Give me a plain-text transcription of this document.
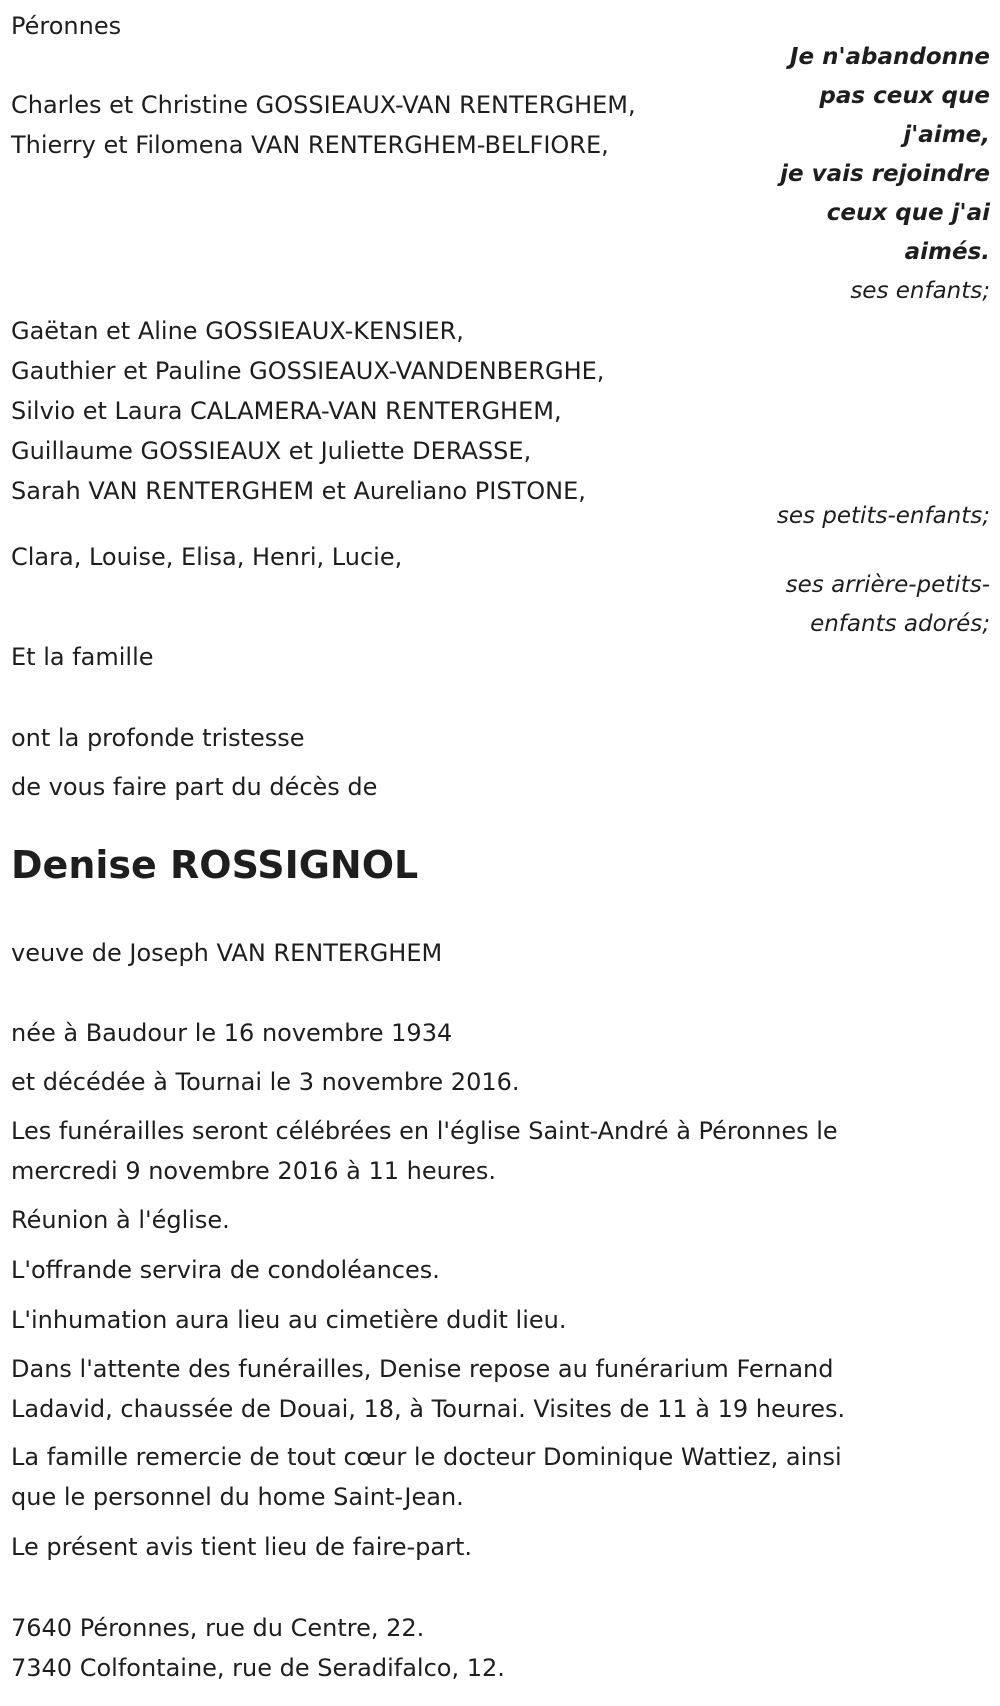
Péronnes

Je n'abandonne
pas ceux que
j'aime,
je vais rejoindre
ceux que j'ai
aimés.
Charles et Christine GOSSIEAUX-VAN RENTERGHEM,
Thierry et Filomena VAN RENTERGHEM-BELFIORE,

ses enfants;

Gaëtan et Aline GOSSIEAUX-KENSIER,
Gauthier et Pauline GOSSIEAUX-VANDENBERGHE,
Silvio et Laura CALAMERA-VAN RENTERGHEM,
Guillaume GOSSIEAUX et Juliette DERASSE,
Sarah VAN RENTERGHEM et Aureliano PISTONE,

ses petits-enfants;

Clara, Louise, Elisa, Henri, Lucie,

ses arrière-petits-
enfants adorés;

Et la famille

ont la profonde tristesse

de vous faire part du décès de

Denise ROSSIGNOL

veuve de Joseph VAN RENTERGHEM

née à Baudour le 16 novembre 1934

et décédée à Tournai le 3 novembre 2016.

Les funérailles seront célébrées en l'église Saint-André à Péronnes le
mercredi 9 novembre 2016 à 11 heures.

Réunion à l'église.

L'offrande servira de condoléances.

L'inhumation aura lieu au cimetière dudit lieu.

Dans l'attente des funérailles, Denise repose au funérarium Fernand
Ladavid, chaussée de Douai, 18, à Tournai. Visites de 11 à 19 heures.
La famille remercie de tout cœur le docteur Dominique Wattiez, ainsi
que le personnel du home Saint-Jean.

Le présent avis tient lieu de faire-part.

7640 Péronnes, rue du Centre, 22.
7340 Colfontaine, rue de Seradifalco, 12.
